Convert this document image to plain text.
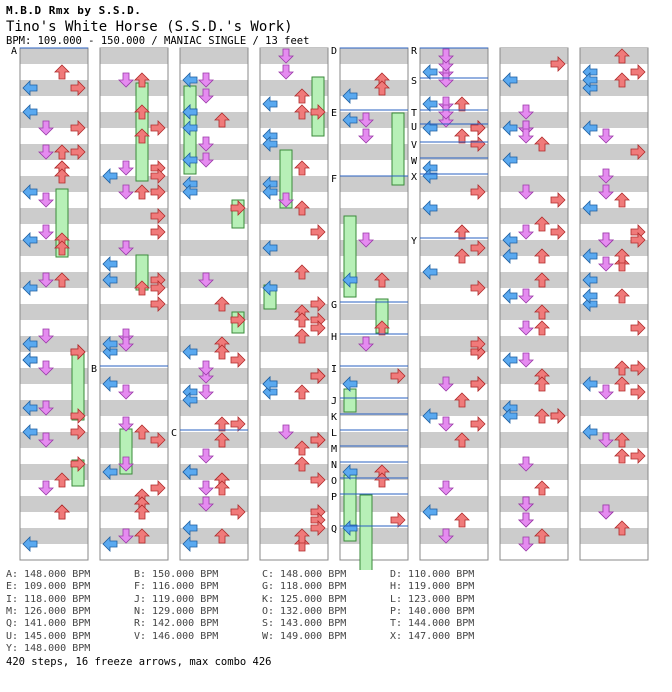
M.B.D Rmx by S.S.D.
Tino's White Horse (S.S.D.'s Work)
BPM: 109.000 - 150.000 / MANIAC SINGLE / 13 feet
A
B
C
D
E
F
G
H
I
J
K
L
M
N
O
P
Q
R
S
T
U
V
W
X
Y
A: 148.000 BPM	B: 150.000 BPM	C: 148.000 BPM	D: 110.000 BPM
E: 109.000 BPM	F: 116.000 BPM	G: 118.000 BPM	H: 119.000 BPM
I: 118.000 BPM	J: 119.000 BPM	K: 125.000 BPM	L: 123.000 BPM
M: 126.000 BPM	N: 129.000 BPM	O: 132.000 BPM	P: 140.000 BPM
Q: 141.000 BPM	R: 142.000 BPM	S: 143.000 BPM	T: 144.000 BPM
U: 145.000 BPM	V: 146.000 BPM	W: 149.000 BPM	X: 147.000 BPM
Y: 148.000 BPM
420 steps, 16 freeze arrows, max combo 426
